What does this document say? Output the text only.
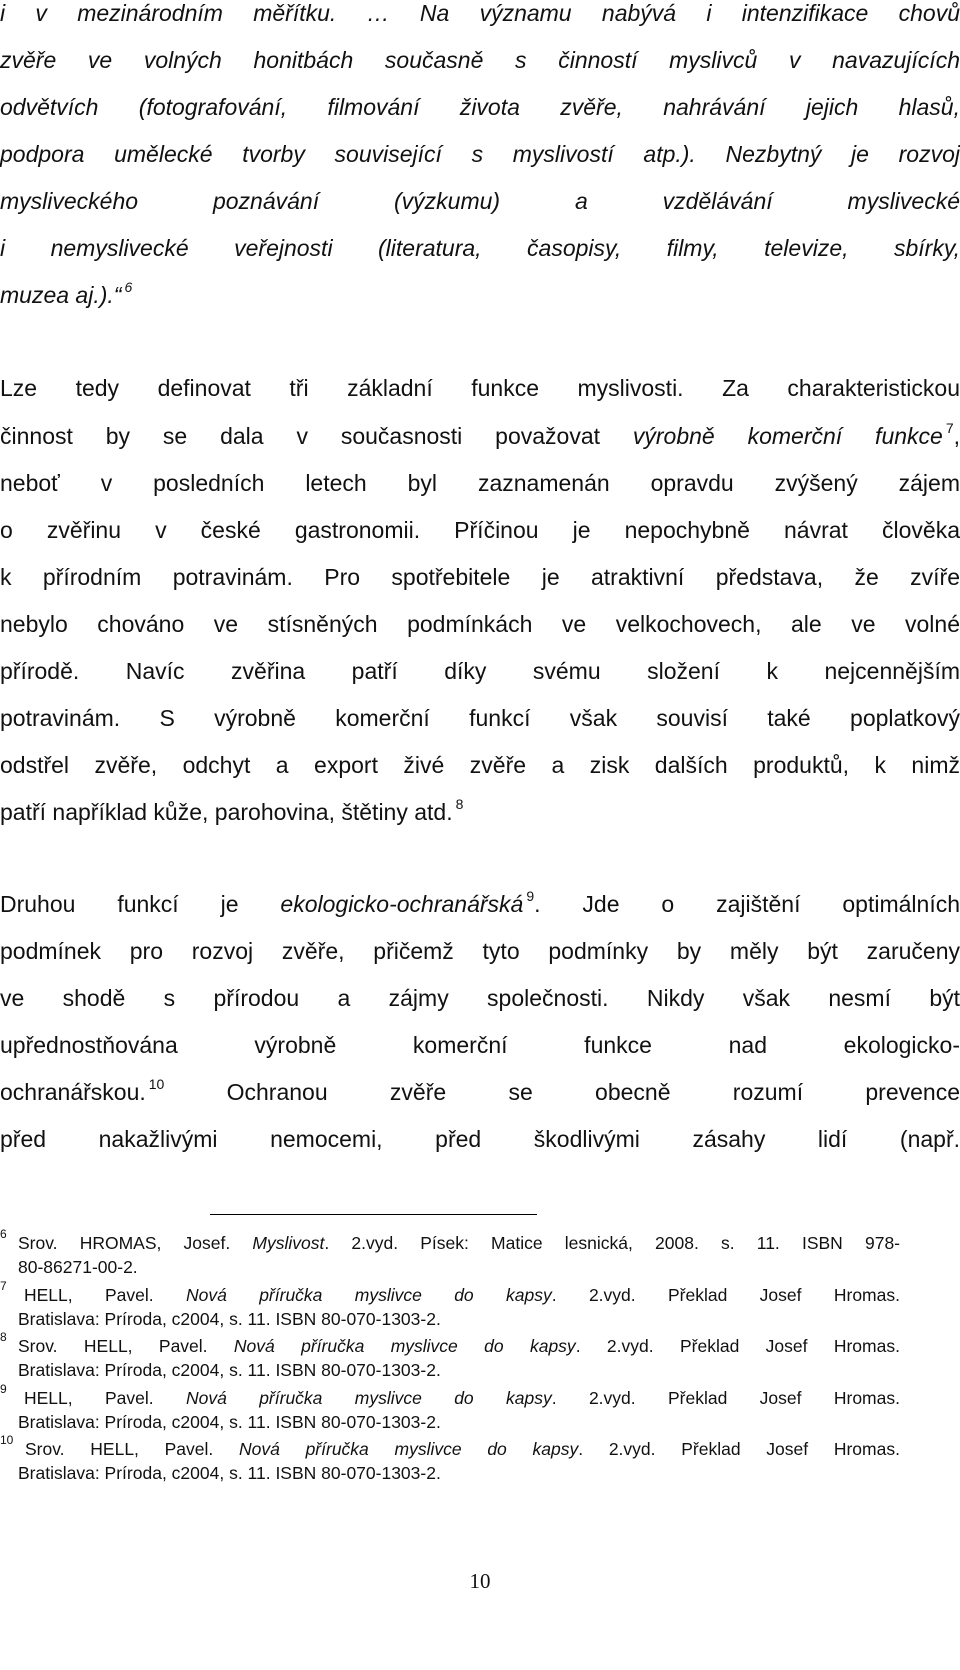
i v mezinárodním měřítku. … Na významu nabývá i intenzifikace chovů
zvěře ve volných honitbách současně s činností myslivců v navazujících
odvětvích (fotografování, filmování života zvěře, nahrávání jejich hlasů,
podpora umělecké tvorby související s myslivostí atp.). Nezbytný je rozvoj
mysliveckého poznávání (výzkumu) a vzdělávání myslivecké
i nemyslivecké veřejnosti (literatura, časopisy, filmy, televize, sbírky,
muzea aj.).“ $^6$
Lze tedy definovat tři základní funkce myslivosti. Za charakteristickou
činnost by se dala v současnosti považovat výrobně komerční funkce $^7$,
neboť v posledních letech byl zaznamenán opravdu zvýšený zájem
o zvěřinu v české gastronomii. Příčinou je nepochybně návrat člověka
k přírodním potravinám. Pro spotřebitele je atraktivní představa, že zvíře
nebylo chováno ve stísněných podmínkách ve velkochovech, ale ve volné
přírodě. Navíc zvěřina patří díky svému složení k nejcennějším
potravinám. S výrobně komerční funkcí však souvisí také poplatkový
odstřel zvěře, odchyt a export živé zvěře a zisk dalších produktů, k nimž
patří například kůže, parohovina, štětiny atd. $^8$
Druhou funkcí je ekologicko-ochranářská $^9$. Jde o zajištění optimálních
podmínek pro rozvoj zvěře, přičemž tyto podmínky by měly být zaručeny
ve shodě s přírodou a zájmy společnosti. Nikdy však nesmí být
upřednostňována výrobně komerční funkce nad ekologicko-
ochranářskou. $^{10}$ Ochranou zvěře se obecně rozumí prevence
před nakažlivými nemocemi, před škodlivými zásahy lidí (např.
6 Srov. HROMAS, Josef. Myslivost. 2.vyd. Písek: Matice lesnická, 2008. s. 11. ISBN 978-
80-86271-00-2.
7 HELL, Pavel. Nová příručka myslivce do kapsy. 2.vyd. Překlad Josef Hromas.
Bratislava: Príroda, c2004, s. 11. ISBN 80-070-1303-2.
8 Srov. HELL, Pavel. Nová příručka myslivce do kapsy. 2.vyd. Překlad Josef Hromas.
Bratislava: Príroda, c2004, s. 11. ISBN 80-070-1303-2.
9 HELL, Pavel. Nová příručka myslivce do kapsy. 2.vyd. Překlad Josef Hromas.
Bratislava: Príroda, c2004, s. 11. ISBN 80-070-1303-2.
10 Srov. HELL, Pavel. Nová příručka myslivce do kapsy. 2.vyd. Překlad Josef Hromas.
Bratislava: Príroda, c2004, s. 11. ISBN 80-070-1303-2.
10
